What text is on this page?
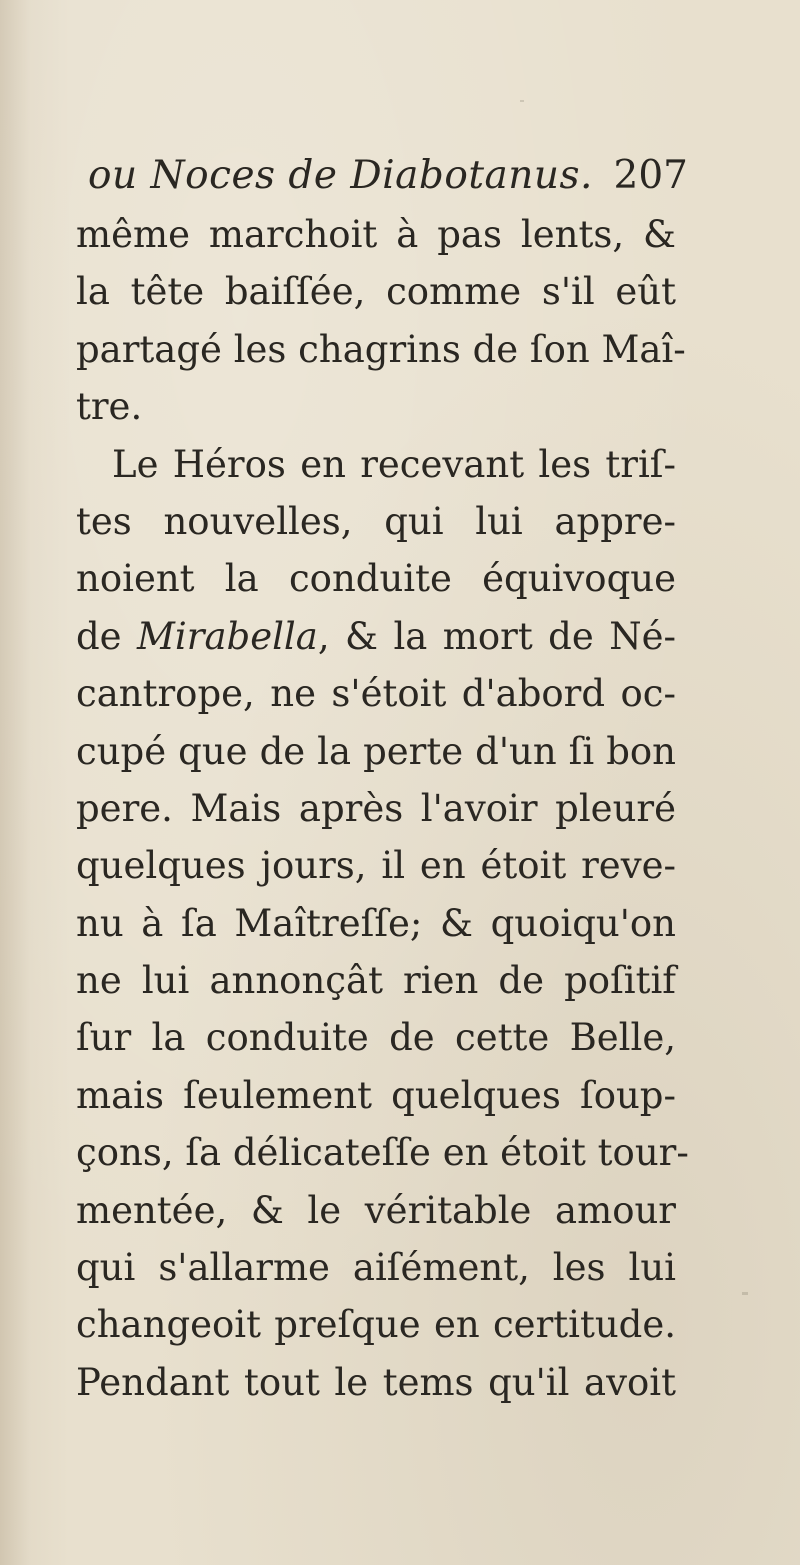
ou Noces de Diabotanus. 207
même marchoit à pas lents, &
la tête baiſſée, comme s'il eût
partagé les chagrins de ſon Maî-
tre.
Le Héros en recevant les triſ-
tes nouvelles, qui lui appre-
noient la conduite équivoque
de Mirabella, & la mort de Né-
cantrope, ne s'étoit d'abord oc-
cupé que de la perte d'un ſi bon
pere. Mais après l'avoir pleuré
quelques jours, il en étoit reve-
nu à ſa Maîtreſſe; & quoiqu'on
ne lui annonçât rien de poſitif
ſur la conduite de cette Belle,
mais ſeulement quelques ſoup-
çons, ſa délicateſſe en étoit tour-
mentée, & le véritable amour
qui s'allarme aiſément, les lui
changeoit preſque en certitude.
Pendant tout le tems qu'il avoit
